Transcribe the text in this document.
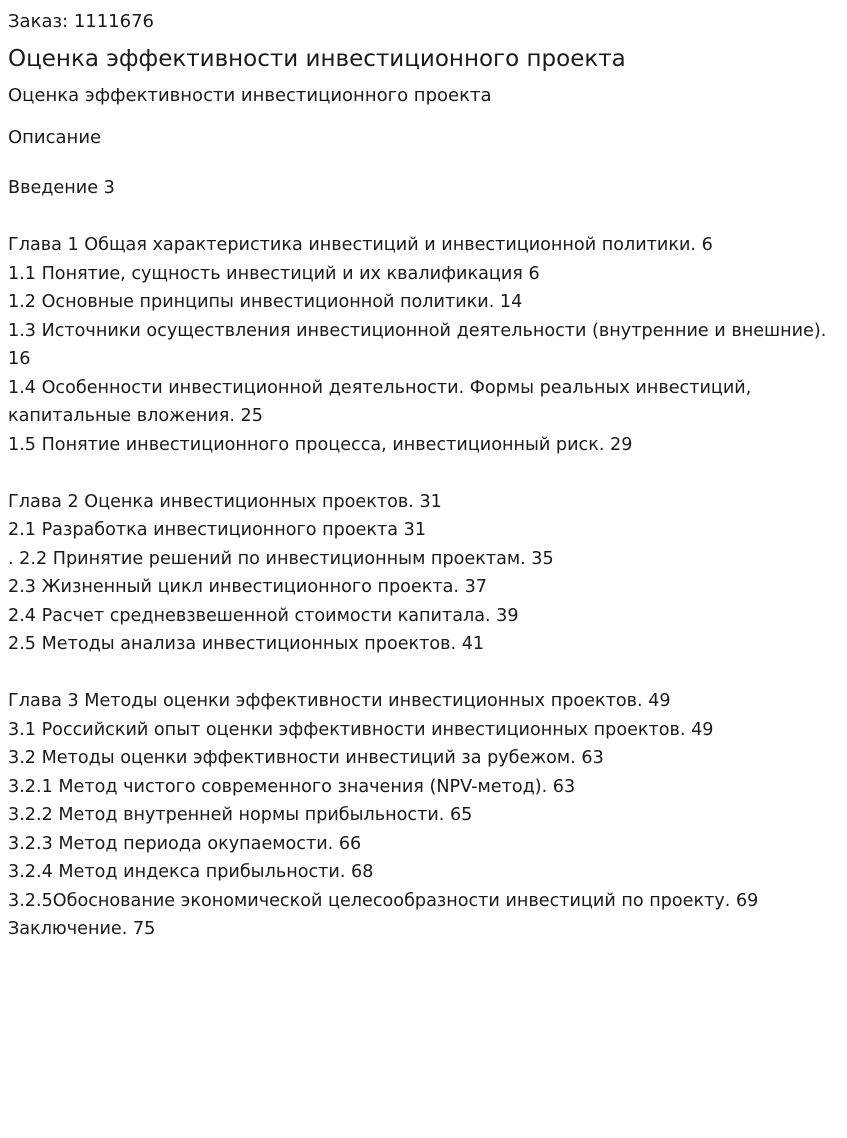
Заказ: 1111676

Оценка эффективности инвестиционного проекта

Оценка эффективности инвестиционного проекта

Описание
Введение 3
Глава 1 Общая характеристика инвестиций и инвестиционной политики. 6
1.1 Понятие, сущность инвестиций и их квалификация 6
1.2 Основные принципы инвестиционной политики. 14
1.3 Источники осуществления инвестиционной деятельности (внутренние и внешние).
16
1.4 Особенности инвестиционной деятельности. Формы реальных инвестиций, капитальные вложения. 25
1.5 Понятие инвестиционного процесса, инвестиционный риск. 29
Глава 2 Оценка инвестиционных проектов. 31
2.1 Разработка инвестиционного проекта 31
. 2.2 Принятие решений по инвестиционным проектам. 35
2.3 Жизненный цикл инвестиционного проекта. 37
2.4 Расчет средневзвешенной стоимости капитала. 39
2.5 Методы анализа инвестиционных проектов. 41
Глава 3 Методы оценки эффективности инвестиционных проектов. 49
3.1 Российский опыт оценки эффективности инвестиционных проектов. 49
3.2 Методы оценки эффективности инвестиций за рубежом. 63
3.2.1 Метод чистого современного значения (NPV-метод). 63
3.2.2 Метод внутренней нормы прибыльности. 65
3.2.3 Метод периода окупаемости. 66
3.2.4 Метод индекса прибыльности. 68
3.2.5Обоснование экономической целесообразности инвестиций по проекту. 69
Заключение. 75
